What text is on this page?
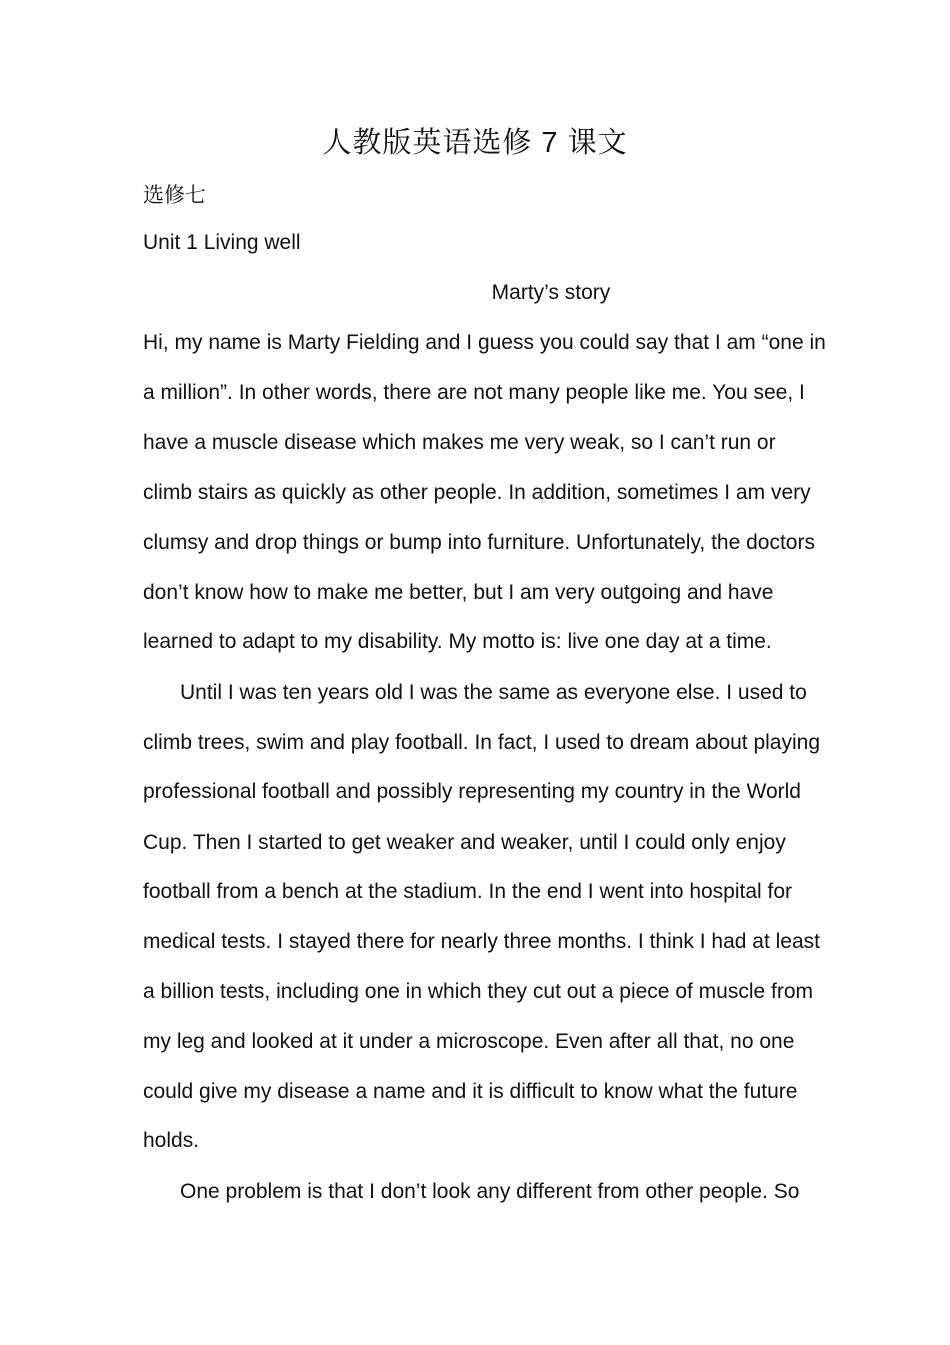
人教版英语选修 7 课文
选修七
Unit 1 Living well
Marty’s story
Hi, my name is Marty Fielding and I guess you could say that I am “one in
a million”. In other words, there are not many people like me. You see, I
have a muscle disease which makes me very weak, so I can’t run or
climb stairs as quickly as other people. In addition, sometimes I am very
clumsy and drop things or bump into furniture. Unfortunately, the doctors
don’t know how to make me better, but I am very outgoing and have
learned to adapt to my disability. My motto is: live one day at a time.
Until I was ten years old I was the same as everyone else. I used to
climb trees, swim and play football. In fact, I used to dream about playing
professional football and possibly representing my country in the World
Cup. Then I started to get weaker and weaker, until I could only enjoy
football from a bench at the stadium. In the end I went into hospital for
medical tests. I stayed there for nearly three months. I think I had at least
a billion tests, including one in which they cut out a piece of muscle from
my leg and looked at it under a microscope. Even after all that, no one
could give my disease a name and it is difficult to know what the future
holds.
One problem is that I don’t look any different from other people. So
